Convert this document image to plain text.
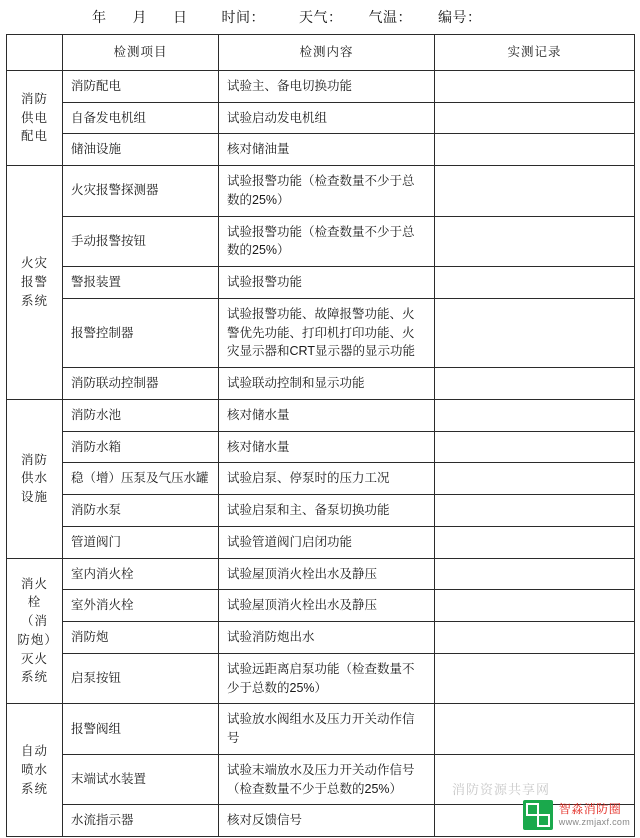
年 月 日 时间： 天气： 气温： 编号：
	检测项目	检测内容	实测记录
消防供电配电	消防配电	试验主、备电切换功能	
	自备发电机组	试验启动发电机组	
	储油设施	核对储油量	
火灾报警系统	火灾报警探测器	试验报警功能（检查数量不少于总数的25%）	
	手动报警按钮	试验报警功能（检查数量不少于总数的25%）	
	警报装置	试验报警功能	
	报警控制器	试验报警功能、故障报警功能、火警优先功能、打印机打印功能、火灾显示器和CRT显示器的显示功能	
	消防联动控制器	试验联动控制和显示功能	
消防供水设施	消防水池	核对储水量	
	消防水箱	核对储水量	
	稳（增）压泵及气压水罐	试验启泵、停泵时的压力工况	
	消防水泵	试验启泵和主、备泵切换功能	
	管道阀门	试验管道阀门启闭功能	
消火栓（消防炮）灭火系统	室内消火栓	试验屋顶消火栓出水及静压	
	室外消火栓	试验屋顶消火栓出水及静压	
	消防炮	试验消防炮出水	
	启泵按钮	试验远距离启泵功能（检查数量不少于总数的25%）	
自动喷水系统	报警阀组	试验放水阀组水及压力开关动作信号	
	末端试水装置	试验末端放水及压力开关动作信号（检查数量不少于总数的25%）	
	水流指示器	核对反馈信号	
消防资源共享网
智淼消防圈
www.zmjaxf.com
